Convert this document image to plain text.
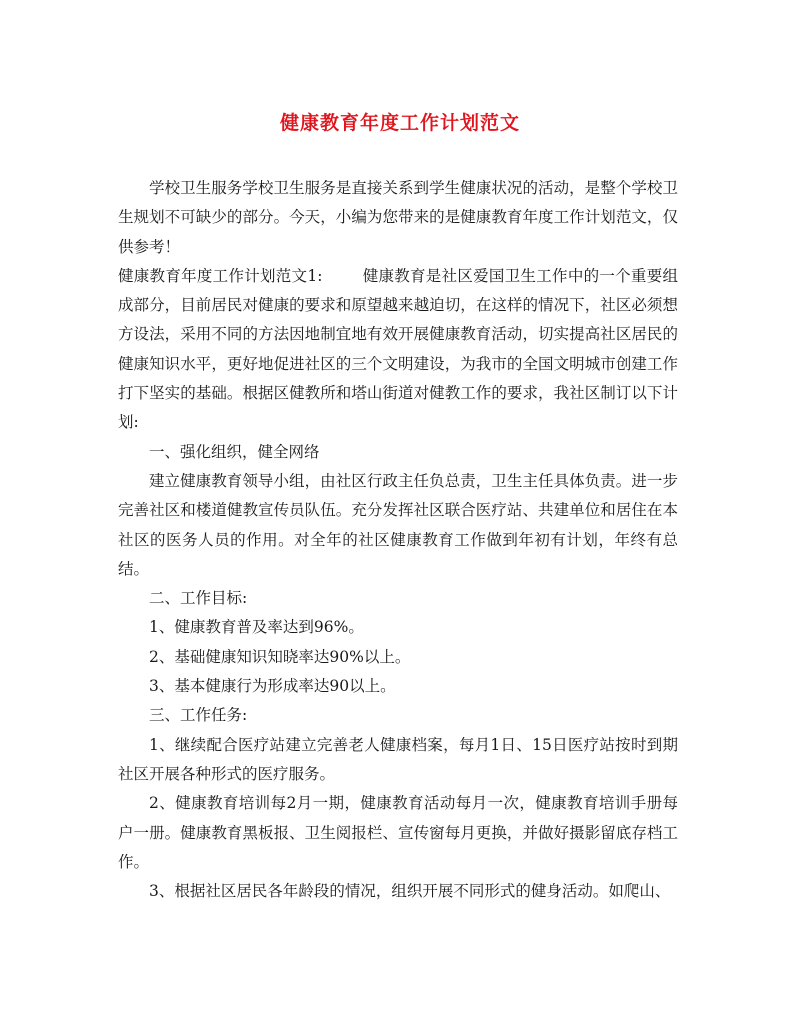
健康教育年度工作计划范文

学校卫生服务学校卫生服务是直接关系到学生健康状况的活动，是整个学校卫生规划不可缺少的部分。今天，小编为您带来的是健康教育年度工作计划范文，仅供参考！

健康教育年度工作计划范文1:	健康教育是社区爱国卫生工作中的一个重要组成部分，目前居民对健康的要求和原望越来越迫切，在这样的情况下，社区必须想方设法，采用不同的方法因地制宜地有效开展健康教育活动，切实提高社区居民的健康知识水平，更好地促进社区的三个文明建设，为我市的全国文明城市创建工作打下坚实的基础。根据区健教所和塔山街道对健教工作的要求，我社区制订以下计划:

一、强化组织，健全网络

建立健康教育领导小组，由社区行政主任负总责，卫生主任具体负责。进一步完善社区和楼道健教宣传员队伍。充分发挥社区联合医疗站、共建单位和居住在本社区的医务人员的作用。对全年的社区健康教育工作做到年初有计划，年终有总结。

二、工作目标:

1、健康教育普及率达到96%。

2、基础健康知识知晓率达90%以上。

3、基本健康行为形成率达90以上。

三、工作任务:

1、继续配合医疗站建立完善老人健康档案，每月1日、15日医疗站按时到期社区开展各种形式的医疗服务。

2、健康教育培训每2月一期，健康教育活动每月一次，健康教育培训手册每户一册。健康教育黑板报、卫生阅报栏、宣传窗每月更换，并做好摄影留底存档工作。

3、根据社区居民各年龄段的情况，组织开展不同形式的健身活动。如爬山、
